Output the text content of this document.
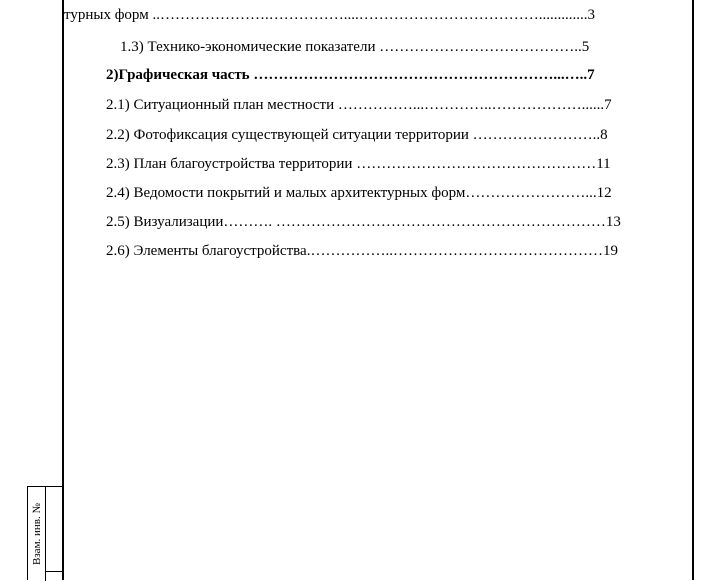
турных форм ..………………….……………....……………………………….............3
1.3) Технико-экономические показатели …………………………………..5
2)Графическая часть ……………………………………………………...…..7
2.1) Ситуационный план местности ……………...…………..………………......7
2.2) Фотофиксация существующей ситуации территории ……………………..8
2.3) План благоустройства территории …………………………………………11
2.4) Ведомости покрытий и малых архитектурных форм……………………...12
2.5) Визуализации………. …………………………………………………………13
2.6) Элементы благоустройства.……………..……………………………………19
Взам. инв. №
